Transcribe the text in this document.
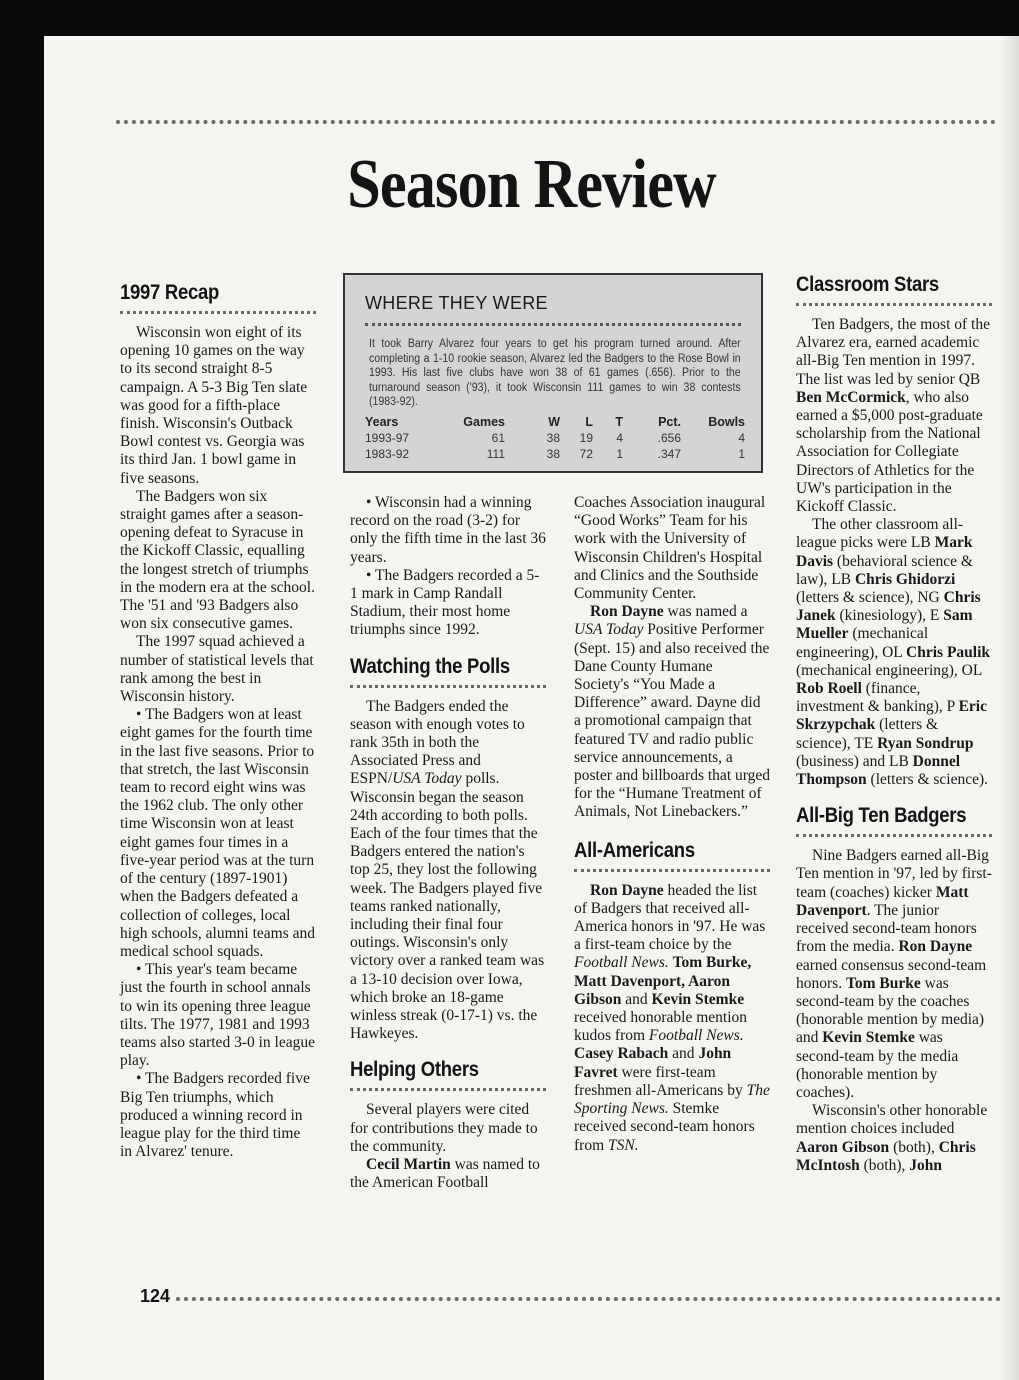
Season Review
1997 Recap

Wisconsin won eight of its opening 10 games on the way to its second straight 8-5 campaign. A 5-3 Big Ten slate was good for a fifth-place finish. Wisconsin's Outback Bowl contest vs. Georgia was its third Jan. 1 bowl game in five seasons.

The Badgers won six straight games after a season-opening defeat to Syracuse in the Kickoff Classic, equalling the longest stretch of triumphs in the modern era at the school. The '51 and '93 Badgers also won six consecutive games.

The 1997 squad achieved a number of statistical levels that rank among the best in Wisconsin history.

• The Badgers won at least eight games for the fourth time in the last five seasons. Prior to that stretch, the last Wisconsin team to record eight wins was the 1962 club. The only other time Wisconsin won at least eight games four times in a five-year period was at the turn of the century (1897-1901) when the Badgers defeated a collection of colleges, local high schools, alumni teams and medical school squads.

• This year's team became just the fourth in school annals to win its opening three league tilts. The 1977, 1981 and 1993 teams also started 3-0 in league play.

• The Badgers recorded five Big Ten triumphs, which produced a winning record in league play for the third time in Alvarez' tenure.

WHERE THEY WERE
It took Barry Alvarez four years to get his program turned around. After completing a 1-10 rookie season, Alvarez led the Badgers to the Rose Bowl in 1993. His last five clubs have won 38 of 61 games (.656). Prior to the turnaround season ('93), it took Wisconsin 111 games to win 38 contests (1983-92).
Years	Games	W	L	T	Pct.	Bowls
1993-97	61	38	19	4	.656	4
1983-92	111	38	72	1	.347	1

• Wisconsin had a winning record on the road (3-2) for only the fifth time in the last 36 years.

• The Badgers recorded a 5-1 mark in Camp Randall Stadium, their most home triumphs since 1992.

Watching the Polls

The Badgers ended the season with enough votes to rank 35th in both the Associated Press and ESPN/USA Today polls. Wisconsin began the season 24th according to both polls. Each of the four times that the Badgers entered the nation's top 25, they lost the following week. The Badgers played five teams ranked nationally, including their final four outings. Wisconsin's only victory over a ranked team was a 13-10 decision over Iowa, which broke an 18-game winless streak (0-17-1) vs. the Hawkeyes.

Helping Others

Several players were cited for contributions they made to the community.

Cecil Martin was named to the American Football

Coaches Association inaugural “Good Works” Team for his work with the University of Wisconsin Children's Hospital and Clinics and the Southside Community Center.

Ron Dayne was named a USA Today Positive Performer (Sept. 15) and also received the Dane County Humane Society's “You Made a Difference” award. Dayne did a promotional campaign that featured TV and radio public service announcements, a poster and billboards that urged for the “Humane Treatment of Animals, Not Linebackers.”

All-Americans

Ron Dayne headed the list of Badgers that received all-America honors in '97. He was a first-team choice by the Football News. Tom Burke, Matt Davenport, Aaron Gibson and Kevin Stemke received honorable mention kudos from Football News. Casey Rabach and John Favret were first-team freshmen all-Americans by The Sporting News. Stemke received second-team honors from TSN.

Classroom Stars

Ten Badgers, the most of the Alvarez era, earned academic all-Big Ten mention in 1997. The list was led by senior QB Ben McCormick, who also earned a $5,000 post-graduate scholarship from the National Association for Collegiate Directors of Athletics for the UW's participation in the Kickoff Classic.

The other classroom all-league picks were LB Mark Davis (behavioral science & law), LB Chris Ghidorzi (letters & science), NG Chris Janek (kinesiology), E Sam Mueller (mechanical engineering), OL Chris Paulik (mechanical engineering), OL Rob Roell (finance, investment & banking), P Eric Skrzypchak (letters & science), TE Ryan Sondrup (business) and LB Donnel Thompson (letters & science).

All-Big Ten Badgers

Nine Badgers earned all-Big Ten mention in '97, led by first-team (coaches) kicker Matt Davenport. The junior received second-team honors from the media. Ron Dayne earned consensus second-team honors. Tom Burke was second-team by the coaches (honorable mention by media) and Kevin Stemke was second-team by the media (honorable mention by coaches).

Wisconsin's other honorable mention choices included Aaron Gibson (both), Chris McIntosh (both), John

124
